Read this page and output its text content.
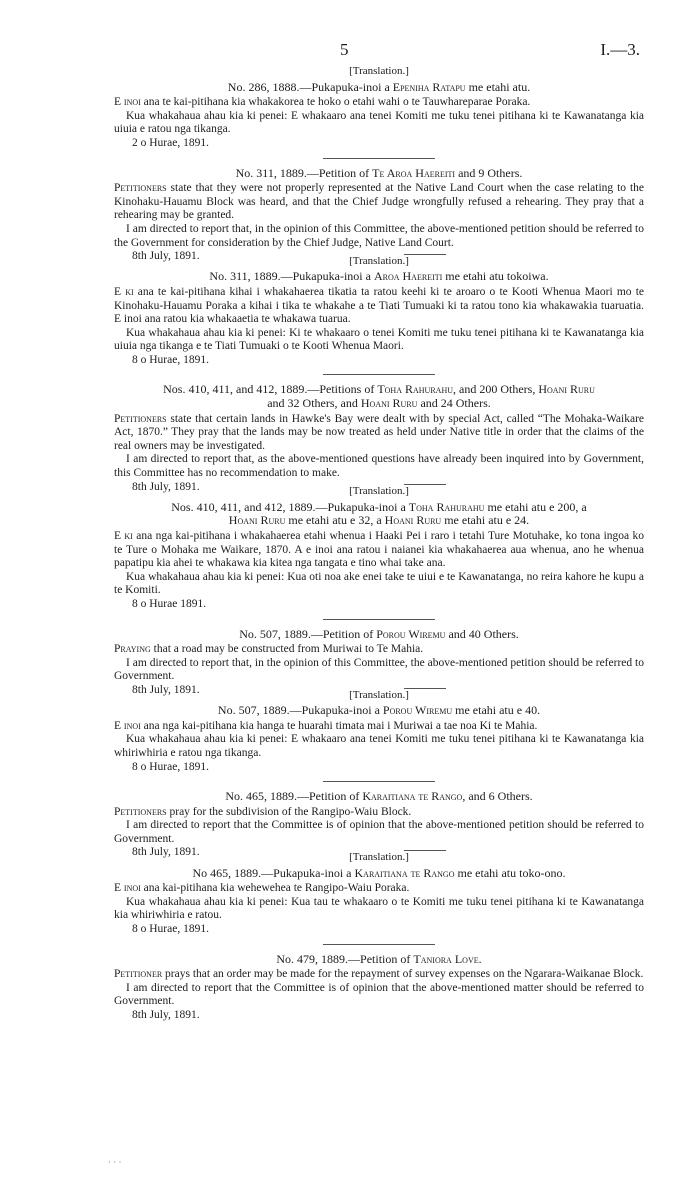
5	I.—3.

[Translation.]

No. 286, 1888.—Pukapuka-inoi a Epeniha Ratapu me etahi atu.

E inoi ana te kai-pitihana kia whakakorea te hoko o etahi wahi o te Tauwhareparae Poraka.

Kua whakahaua ahau kia ki penei: E whakaaro ana tenei Komiti me tuku tenei pitihana ki te Kawanatanga kia uiuia e ratou nga tikanga.

2 o Hurae, 1891.

No. 311, 1889.—Petition of Te Aroa Haereiti and 9 Others.

Petitioners state that they were not properly represented at the Native Land Court when the case relating to the Kinohaku-Hauamu Block was heard, and that the Chief Judge wrongfully refused a rehearing. They pray that a rehearing may be granted.

I am directed to report that, in the opinion of this Committee, the above-mentioned petition should be referred to the Government for consideration by the Chief Judge, Native Land Court.

8th July, 1891.	[Translation.]

No. 311, 1889.—Pukapuka-inoi a Aroa Haereiti me etahi atu tokoiwa.

E ki ana te kai-pitihana kihai i whakahaerea tikatia ta ratou keehi ki te aroaro o te Kooti Whenua Maori mo te Kinohaku-Hauamu Poraka a kihai i tika te whakahe a te Tiati Tumuaki ki ta ratou tono kia whakawakia tuaruatia. E inoi ana ratou kia whakaaetia te whakawa tuarua.

Kua whakahaua ahau kia ki penei: Ki te whakaaro o tenei Komiti me tuku tenei pitihana ki te Kawanatanga kia uiuia nga tikanga e te Tiati Tumuaki o te Kooti Whenua Maori.

8 o Hurae, 1891.

Nos. 410, 411, and 412, 1889.—Petitions of Toha Rahurahu, and 200 Others, Hoani Ruru

and 32 Others, and Hoani Ruru and 24 Others.

Petitioners state that certain lands in Hawke's Bay were dealt with by special Act, called “The Mohaka-Waikare Act, 1870.” They pray that the lands may be now treated as held under Native title in order that the claims of the real owners may be investigated.

I am directed to report that, as the above-mentioned questions have already been inquired into by Government, this Committee has no recommendation to make.

8th July, 1891.	[Translation.]

Nos. 410, 411, and 412, 1889.—Pukapuka-inoi a Toha Rahurahu me etahi atu e 200, a

Hoani Ruru me etahi atu e 32, a Hoani Ruru me etahi atu e 24.

E ki ana nga kai-pitihana i whakahaerea etahi whenua i Haaki Pei i raro i tetahi Ture Motuhake, ko tona ingoa ko te Ture o Mohaka me Waikare, 1870. A e inoi ana ratou i naianei kia whakahaerea aua whenua, ano he whenua papatipu kia ahei te whakawa kia kitea nga tangata e tino whai take ana.

Kua whakahaua ahau kia ki penei: Kua oti noa ake enei take te uiui e te Kawanatanga, no reira kahore he kupu a te Komiti.

8 o Hurae 1891.

No. 507, 1889.—Petition of Porou Wiremu and 40 Others.

Praying that a road may be constructed from Muriwai to Te Mahia.

I am directed to report that, in the opinion of this Committee, the above-mentioned petition should be referred to Government.

8th July, 1891.	[Translation.]

No. 507, 1889.—Pukapuka-inoi a Porou Wiremu me etahi atu e 40.

E inoi ana nga kai-pitihana kia hanga te huarahi timata mai i Muriwai a tae noa Ki te Mahia.

Kua whakahaua ahau kia ki penei: E whakaaro ana tenei Komiti me tuku tenei pitihana ki te Kawanatanga kia whiriwhiria e ratou nga tikanga.

8 o Hurae, 1891.

No. 465, 1889.—Petition of Karaitiana te Rango, and 6 Others.

Petitioners pray for the subdivision of the Rangipo-Waiu Block.

I am directed to report that the Committee is of opinion that the above-mentioned petition should be referred to Government.

8th July, 1891.	[Translation.]

No 465, 1889.—Pukapuka-inoi a Karaitiana te Rango me etahi atu toko-ono.

E inoi ana kai-pitihana kia wehewehea te Rangipo-Waiu Poraka.

Kua whakahaua ahau kia ki penei: Kua tau te whakaaro o te Komiti me tuku tenei pitihana ki te Kawanatanga kia whiriwhiria e ratou.

8 o Hurae, 1891.

No. 479, 1889.—Petition of Taniora Love.

Petitioner prays that an order may be made for the repayment of survey expenses on the Ngarara-Waikanae Block.

I am directed to report that the Committee is of opinion that the above-mentioned matter should be referred to Government.

8th July, 1891.

· · ·
